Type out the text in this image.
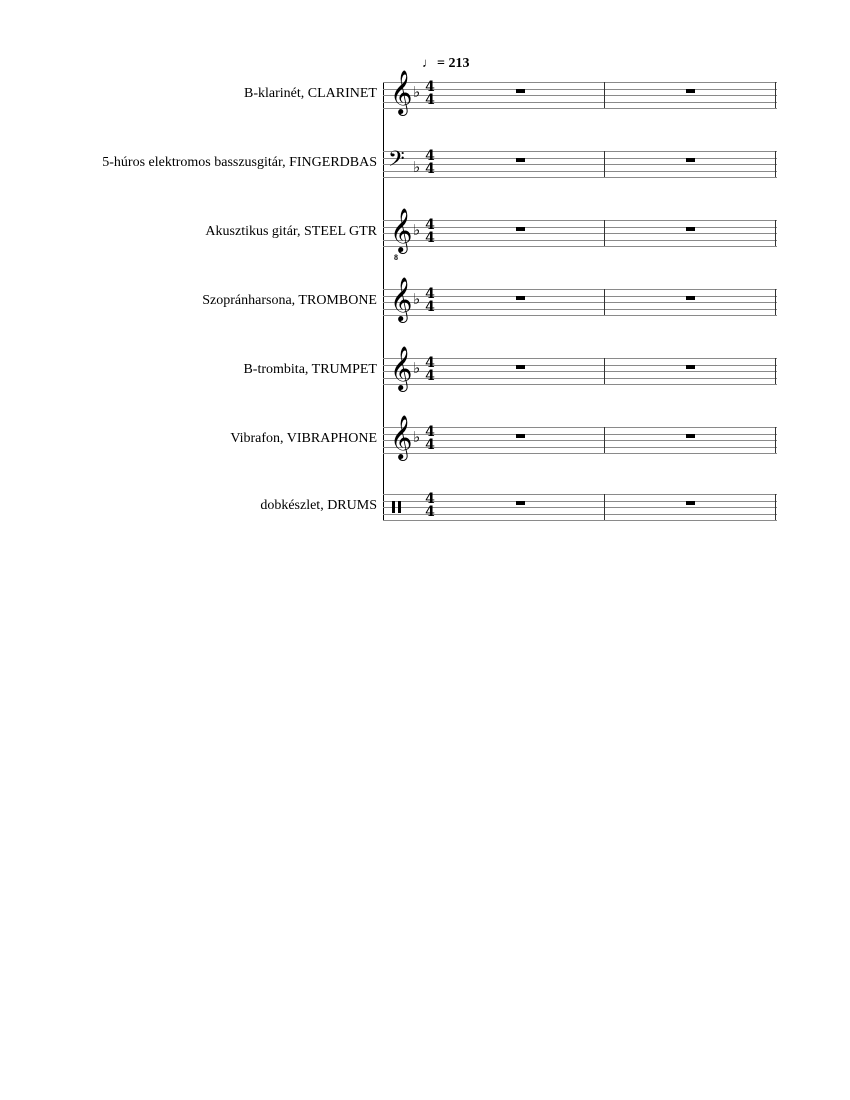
♩ = 213
B-klarinét, CLARINET 𝄞 ♭ 4
4
5-húros elektromos basszusgitár, FINGERDBAS 𝄢 ♭
4
4
Akusztikus gitár, STEEL GTR 𝄞
8
♭ 4
4
Szopránharsona, TROMBONE 𝄞 ♭ 4
4
B-trombita, TRUMPET 𝄞 ♭ 4
4
Vibrafon, VIBRAPHONE 𝄞 ♭ 4
4
dobkészlet, DRUMS	4
4
